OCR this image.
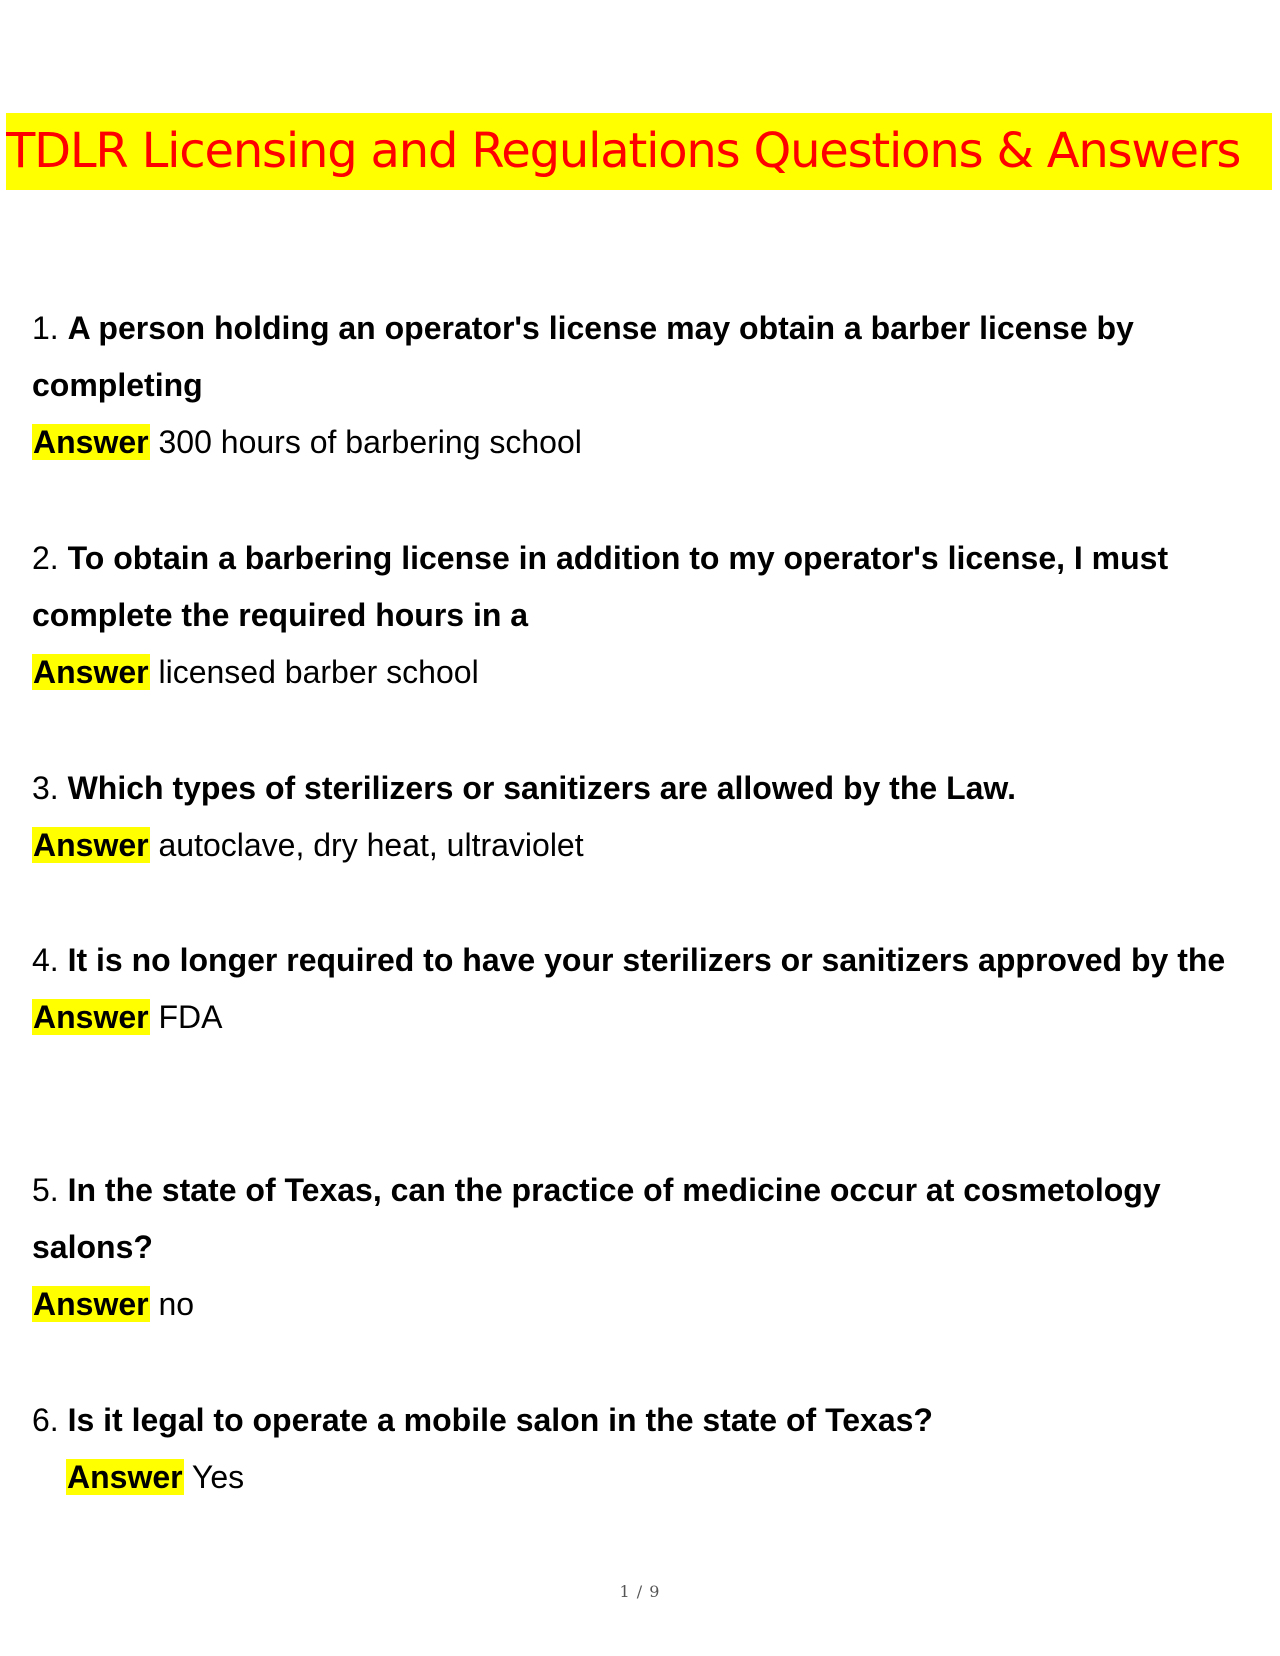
TDLR Licensing and Regulations Questions & Answers
1. A person holding an operator's license may obtain a barber license by completing
Answer 300 hours of barbering school
2. To obtain a barbering license in addition to my operator's license, I must complete the required hours in a
Answer licensed barber school
3. Which types of sterilizers or sanitizers are allowed by the Law.
Answer autoclave, dry heat, ultraviolet
4. It is no longer required to have your sterilizers or sanitizers approved by the
Answer FDA
5. In the state of Texas, can the practice of medicine occur at cosmetology salons?
Answer no
6. Is it legal to operate a mobile salon in the state of Texas?
Answer Yes
1 / 9
